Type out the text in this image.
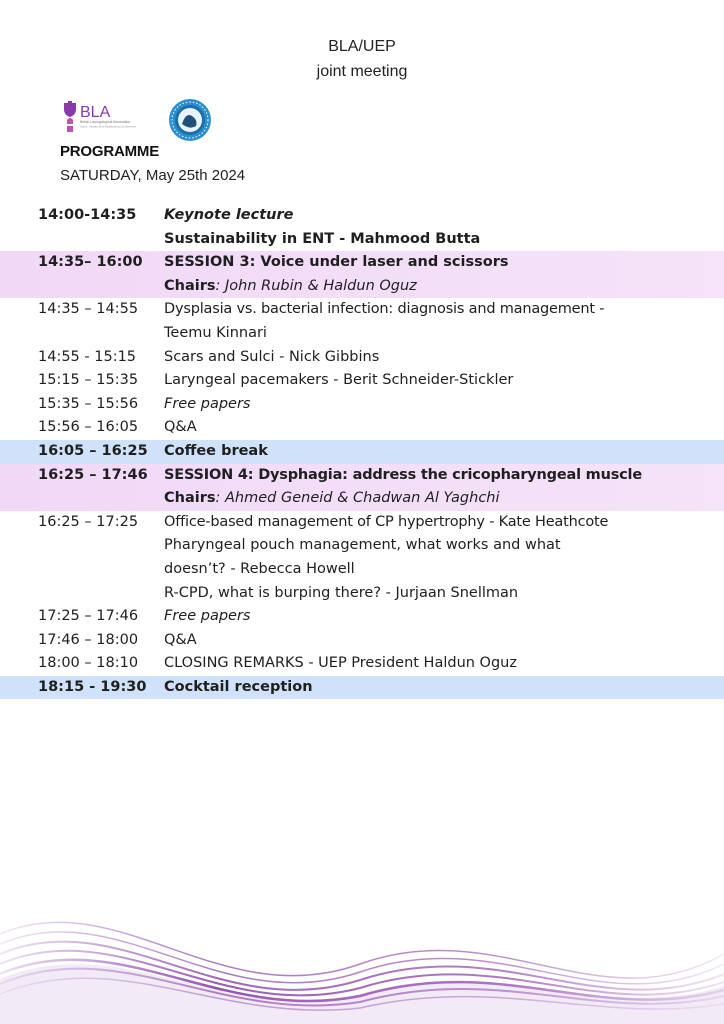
BLA/UEP
joint meeting
BLA
British Laryngological Association
Voice, Airway and Swallowing Conference
PROGRAMME
SATURDAY, May 25th 2024
14:00-14:35 Keynote lecture
Sustainability in ENT - Mahmood Butta
14:35– 16:00 SESSION 3: Voice under laser and scissors
Chairs: John Rubin & Haldun Oguz
14:35 – 14:55 Dysplasia vs. bacterial infection: diagnosis and management -
Teemu Kinnari
14:55 - 15:15 Scars and Sulci - Nick Gibbins
15:15 – 15:35 Laryngeal pacemakers - Berit Schneider-Stickler
15:35 – 15:56 Free papers
15:56 – 16:05 Q&A
16:05 – 16:25 Coffee break
16:25 – 17:46 SESSION 4: Dysphagia: address the cricopharyngeal muscle
Chairs: Ahmed Geneid & Chadwan Al Yaghchi
16:25 – 17:25 Office-based management of CP hypertrophy - Kate Heathcote
Pharyngeal pouch management, what works and what
doesn’t? - Rebecca Howell
R-CPD, what is burping there? - Jurjaan Snellman
17:25 – 17:46 Free papers
17:46 – 18:00 Q&A
18:00 – 18:10 CLOSING REMARKS - UEP President Haldun Oguz
18:15 - 19:30 Cocktail reception
